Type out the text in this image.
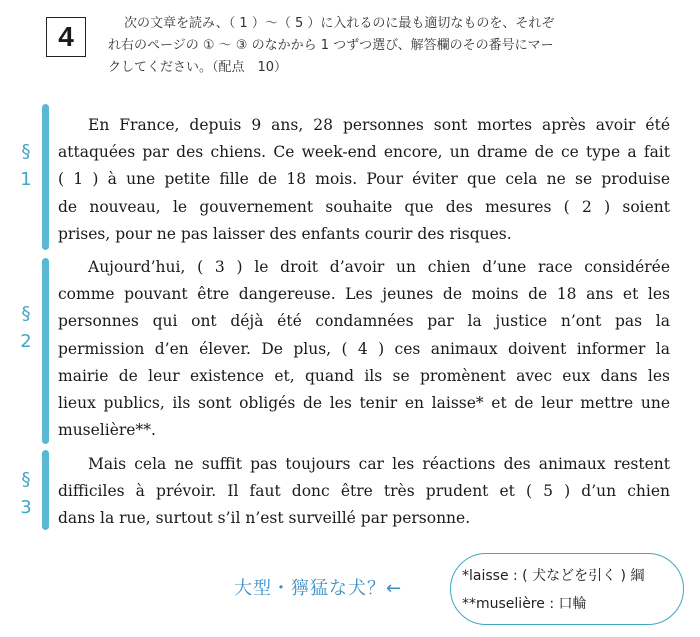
4	次の文章を読み、（ 1 ）～（ 5 ）に入れるのに最も適切なものを、それぞ
れ右のページの ① ～ ③ のなかから 1 つずつ選び、解答欄のその番号にマー
クしてください。（配点　10）
§ 1
En France, depuis 9 ans, 28 personnes sont mortes après avoir été
attaquées par des chiens. Ce week-end encore, un drame de ce type a fait
( 1 ) à une petite fille de 18 mois. Pour éviter que cela ne se produise
de nouveau, le gouvernement souhaite que des mesures ( 2 ) soient
prises, pour ne pas laisser des enfants courir des risques.
§ 2
Aujourd’hui, ( 3 ) le droit d’avoir un chien d’une race considérée
comme pouvant être dangereuse. Les jeunes de moins de 18 ans et les
personnes qui ont déjà été condamnées par la justice n’ont pas la
permission d’en élever. De plus, ( 4 ) ces animaux doivent informer la
mairie de leur existence et, quand ils se promènent avec eux dans les
lieux publics, ils sont obligés de les tenir en laisse* et de leur mettre une
muselière**.
§ 3
Mais cela ne suffit pas toujours car les réactions des animaux restent
difficiles à prévoir. Il faut donc être très prudent et ( 5 ) d’un chien
dans la rue, surtout s’il n’est surveillé par personne.
大型・獰猛な犬？←
*laisse : ( 犬などを引く ) 綱
**muselière : 口輪
